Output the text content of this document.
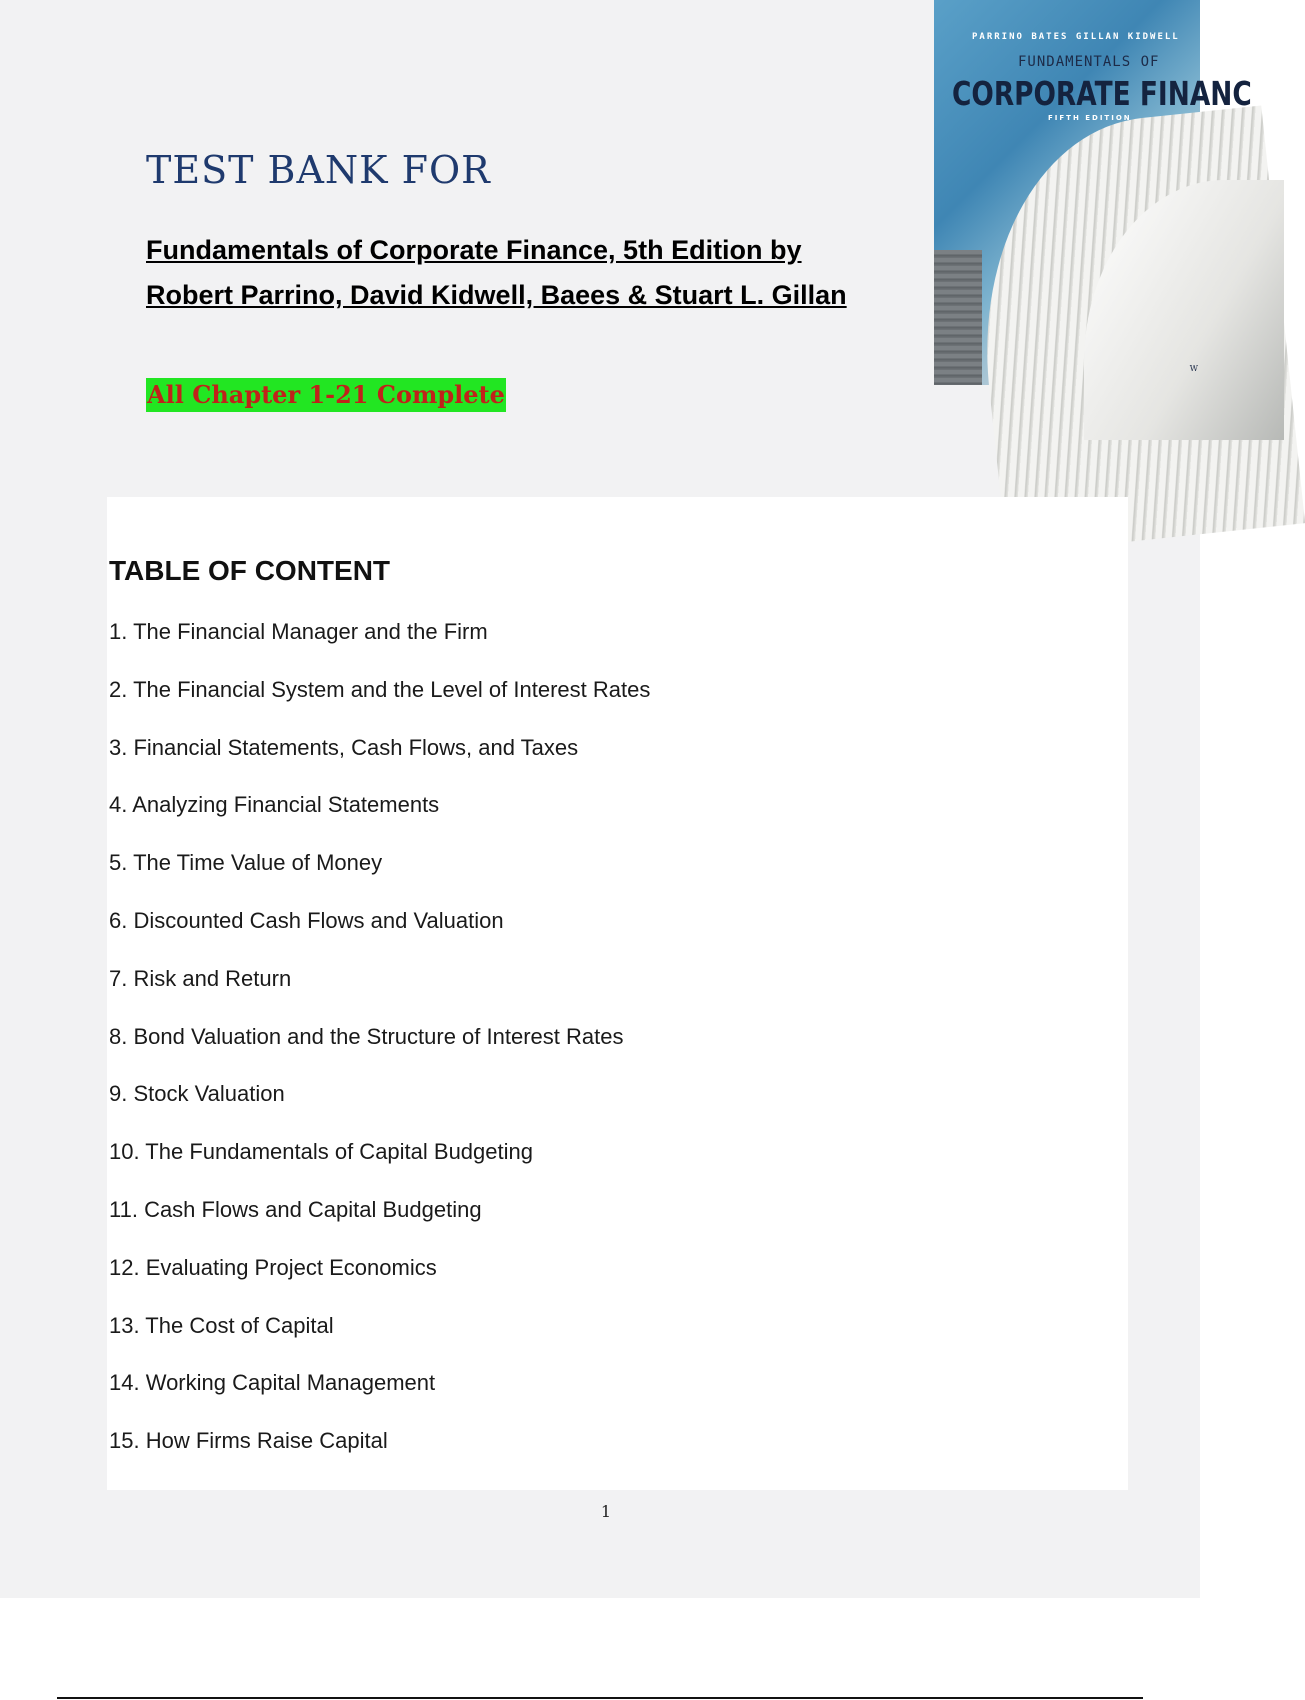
TEST BANK FOR
Fundamentals of Corporate Finance, 5th Edition by
Robert Parrino, David Kidwell, Baees & Stuart L. Gillan
All Chapter 1-21 Complete
PARRINO BATES GILLAN KIDWELL
FUNDAMENTALS OF
CORPORATE FINANC
FIFTH EDITION
W
TABLE OF CONTENT
1. The Financial Manager and the Firm
2. The Financial System and the Level of Interest Rates
3. Financial Statements, Cash Flows, and Taxes
4. Analyzing Financial Statements
5. The Time Value of Money
6. Discounted Cash Flows and Valuation
7. Risk and Return
8. Bond Valuation and the Structure of Interest Rates
9. Stock Valuation
10. The Fundamentals of Capital Budgeting
11. Cash Flows and Capital Budgeting
12. Evaluating Project Economics
13. The Cost of Capital
14. Working Capital Management
15. How Firms Raise Capital
1
